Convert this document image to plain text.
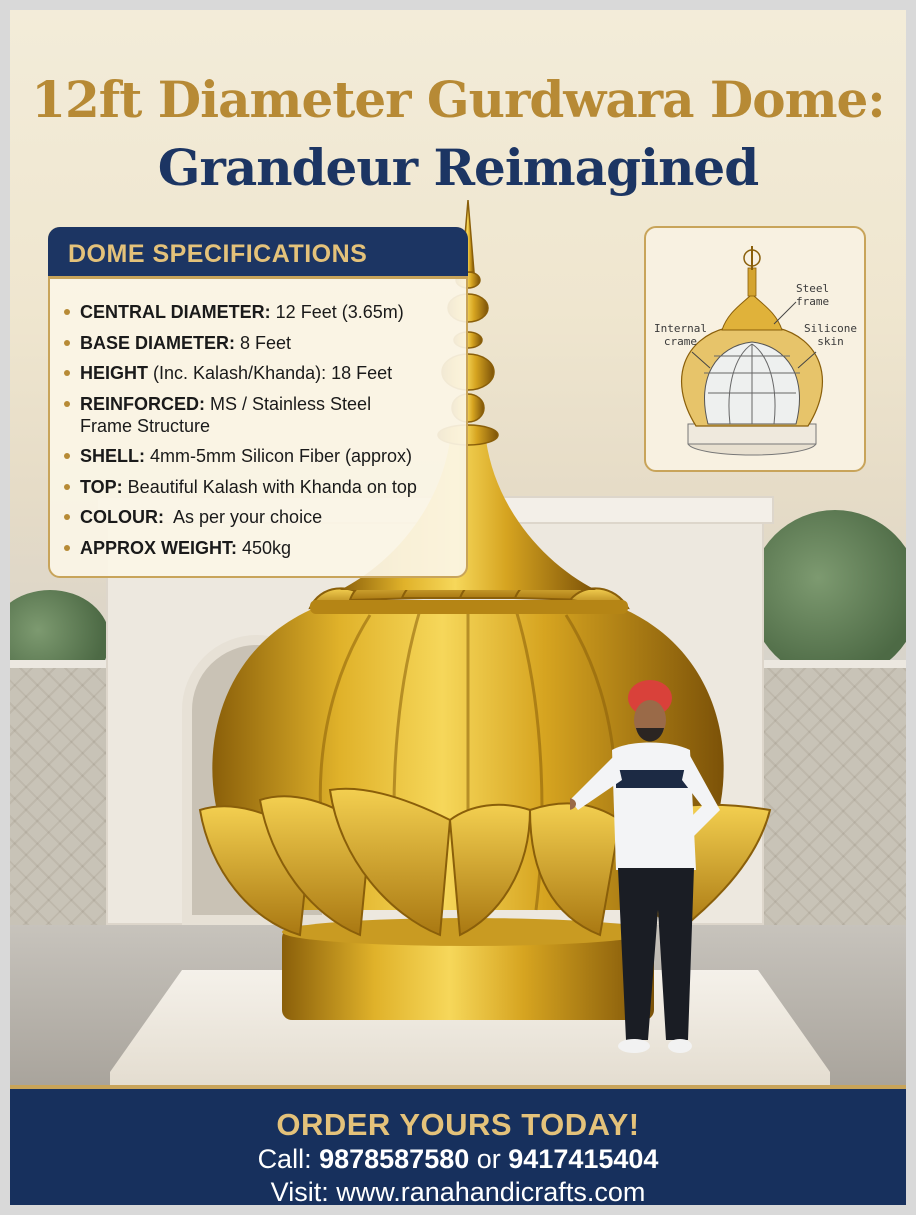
12ft Diameter Gurdwara Dome:
Grandeur Reimagined
DOME SPECIFICATIONS
CENTRAL DIAMETER: 12 Feet (3.65m)
BASE DIAMETER: 8 Feet
HEIGHT (Inc. Kalash/Khanda): 18 Feet
REINFORCED: MS / Stainless Steel Frame Structure
SHELL: 4mm-5mm Silicon Fiber (approx)
TOP: Beautiful Kalash with Khanda on top
COLOUR:  As per your choice
APPROX WEIGHT: 450kg
Steel
frame
Internal
crame
Silicone
skin
ORDER YOURS TODAY!
Call: 9878587580 or 9417415404
Visit: www.ranahandicrafts.com
